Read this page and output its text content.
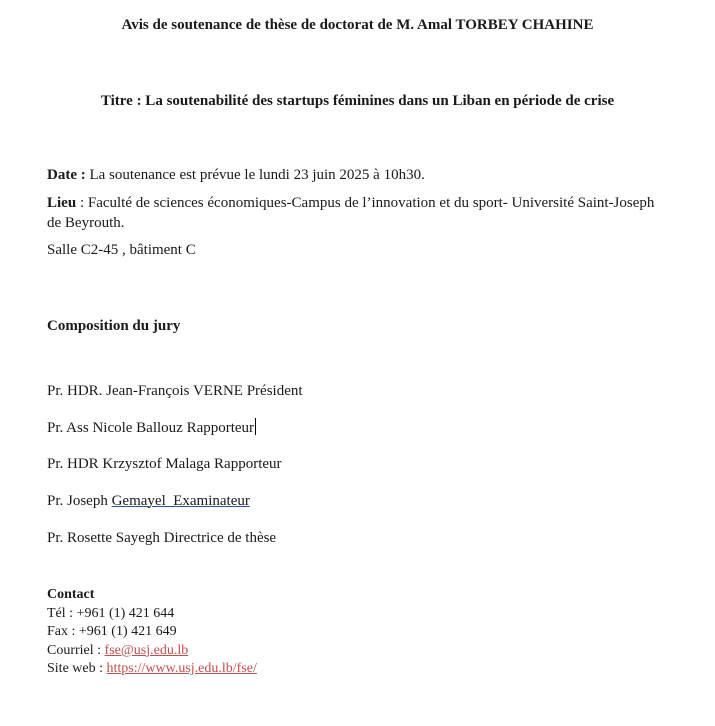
Avis de soutenance de thèse de doctorat de M. Amal TORBEY CHAHINE
Titre : La soutenabilité des startups féminines dans un Liban en période de crise
Date : La soutenance est prévue le lundi 23 juin 2025 à 10h30.
Lieu : Faculté de sciences économiques-Campus de l’innovation et du sport- Université Saint-Joseph de Beyrouth.
Salle C2-45 , bâtiment C
Composition du jury
Pr. HDR. Jean-François VERNE Président
Pr. Ass Nicole Ballouz Rapporteur
Pr. HDR Krzysztof Malaga Rapporteur
Pr. Joseph Gemayel  Examinateur
Pr. Rosette Sayegh Directrice de thèse
Contact
Tél : +961 (1) 421 644
Fax : +961 (1) 421 649
Courriel : fse@usj.edu.lb
Site web : https://www.usj.edu.lb/fse/
